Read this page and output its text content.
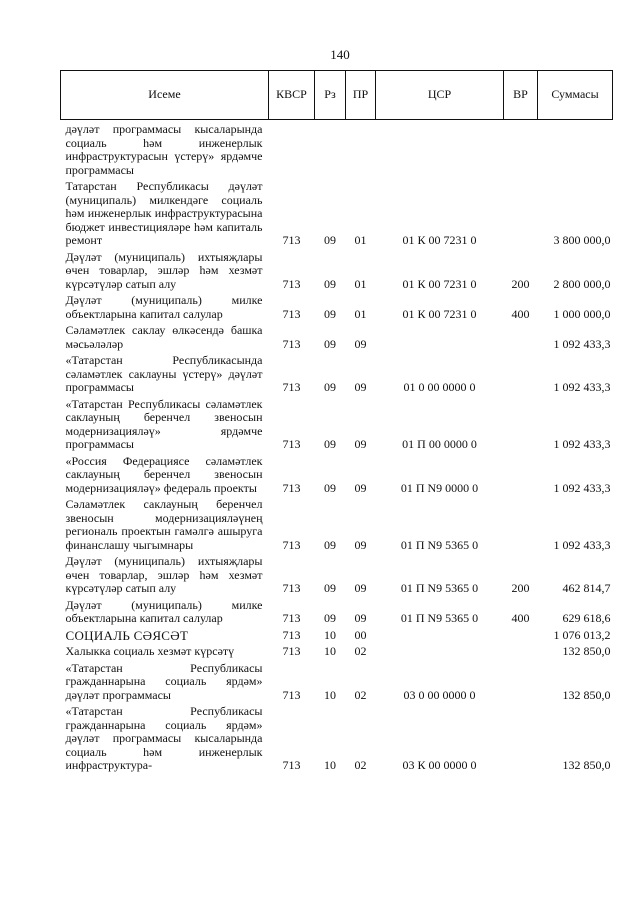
140
Исеме	КВСР	Рз	ПР	ЦСР	ВР	Суммасы
дәүләт программасы кысаларында социаль һәм инженерлык инфраструктурасын үстерү» ярдәмче программасы						
Татарстан Республикасы дәүләт (муниципаль) милкендәге социаль һәм инженерлык инфраструктурасына бюджет инвестицияләре һәм капиталь ремонт	713	09	01	01 К 00 7231 0		3 800 000,0
Дәүләт (муниципаль) ихтыяҗлары өчен товарлар, эшләр һәм хезмәт күрсәтүләр сатып алу	713	09	01	01 К 00 7231 0	200	2 800 000,0
Дәүләт (муниципаль) милке объектларына капитал салулар	713	09	01	01 К 00 7231 0	400	1 000 000,0
Сәламәтлек саклау өлкәсендә башка мәсьәләләр	713	09	09			1 092 433,3
«Татарстан Республикасында сәламәтлек саклауны үстерү» дәүләт программасы	713	09	09	01 0 00 0000 0		1 092 433,3
«Татарстан Республикасы сәламәтлек саклауның беренчел звеносын модернизацияләү» ярдәмче программасы	713	09	09	01 П 00 0000 0		1 092 433,3
«Россия Федерациясе сәламәтлек саклауның беренчел звеносын модернизацияләү» федераль проекты	713	09	09	01 П N9 0000 0		1 092 433,3
Сәламәтлек саклауның беренчел звеносын модернизацияләүнең региональ проектын гамәлгә ашыруга финанслашу чыгымнары	713	09	09	01 П N9 5365 0		1 092 433,3
Дәүләт (муниципаль) ихтыяҗлары өчен товарлар, эшләр һәм хезмәт күрсәтүләр сатып алу	713	09	09	01 П N9 5365 0	200	462 814,7
Дәүләт (муниципаль) милке объектларына капитал салулар	713	09	09	01 П N9 5365 0	400	629 618,6
СОЦИАЛЬ СӘЯСӘТ	713	10	00			1 076 013,2
Халыкка социаль хезмәт күрсәтү	713	10	02			132 850,0
«Татарстан Республикасы гражданнарына социаль ярдәм» дәүләт программасы	713	10	02	03 0 00 0000 0		132 850,0
«Татарстан Республикасы гражданнарына социаль ярдәм» дәүләт программасы кысаларында социаль һәм инженерлык инфраструктура-	713	10	02	03 К 00 0000 0		132 850,0
